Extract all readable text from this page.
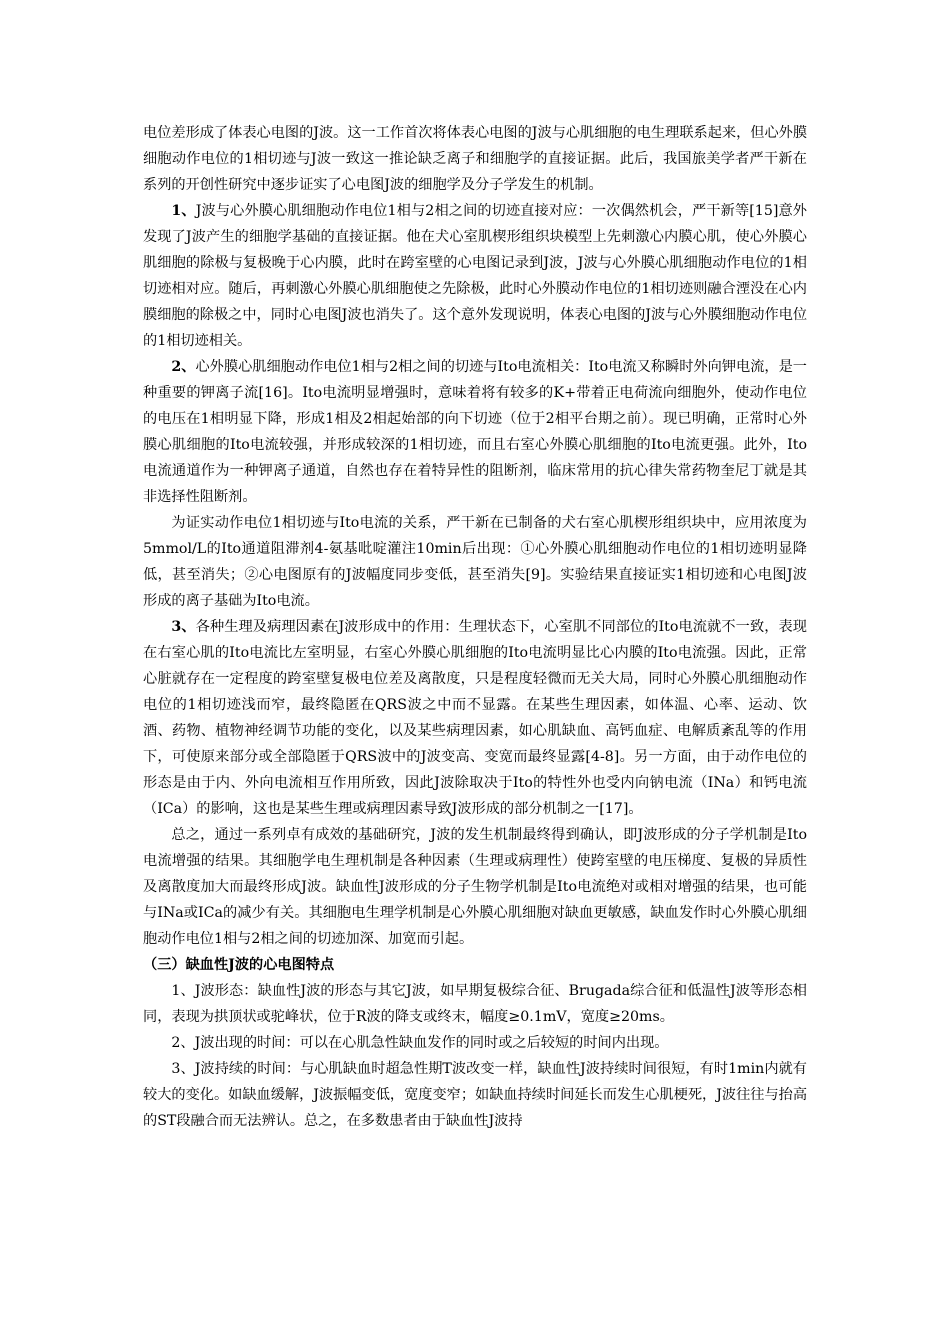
电位差形成了体表心电图的J波。这一工作首次将体表心电图的J波与心肌细胞的电生理联系起来，但心外膜细胞动作电位的1相切迹与J波一致这一推论缺乏离子和细胞学的直接证据。此后，我国旅美学者严干新在系列的开创性研究中逐步证实了心电图J波的细胞学及分子学发生的机制。

1、J波与心外膜心肌细胞动作电位1相与2相之间的切迹直接对应：一次偶然机会，严干新等[15]意外发现了J波产生的细胞学基础的直接证据。他在犬心室肌楔形组织块模型上先刺激心内膜心肌，使心外膜心肌细胞的除极与复极晚于心内膜，此时在跨室壁的心电图记录到J波，J波与心外膜心肌细胞动作电位的1相切迹相对应。随后，再刺激心外膜心肌细胞使之先除极，此时心外膜动作电位的1相切迹则融合湮没在心内膜细胞的除极之中，同时心电图J波也消失了。这个意外发现说明，体表心电图的J波与心外膜细胞动作电位的1相切迹相关。

2、心外膜心肌细胞动作电位1相与2相之间的切迹与Ito电流相关：Ito电流又称瞬时外向钾电流，是一种重要的钾离子流[16]。Ito电流明显增强时，意味着将有较多的K+带着正电荷流向细胞外，使动作电位的电压在1相明显下降，形成1相及2相起始部的向下切迹（位于2相平台期之前）。现已明确，正常时心外膜心肌细胞的Ito电流较强，并形成较深的1相切迹，而且右室心外膜心肌细胞的Ito电流更强。此外，Ito电流通道作为一种钾离子通道，自然也存在着特异性的阻断剂，临床常用的抗心律失常药物奎尼丁就是其非选择性阻断剂。

为证实动作电位1相切迹与Ito电流的关系，严干新在已制备的犬右室心肌楔形组织块中，应用浓度为5mmol/L的Ito通道阻滞剂4-氨基吡啶灌注10min后出现：①心外膜心肌细胞动作电位的1相切迹明显降低，甚至消失；②心电图原有的J波幅度同步变低，甚至消失[9]。实验结果直接证实1相切迹和心电图J波形成的离子基础为Ito电流。

3、各种生理及病理因素在J波形成中的作用：生理状态下，心室肌不同部位的Ito电流就不一致，表现在右室心肌的Ito电流比左室明显，右室心外膜心肌细胞的Ito电流明显比心内膜的Ito电流强。因此，正常心脏就存在一定程度的跨室壁复极电位差及离散度，只是程度轻微而无关大局，同时心外膜心肌细胞动作电位的1相切迹浅而窄，最终隐匿在QRS波之中而不显露。在某些生理因素，如体温、心率、运动、饮酒、药物、植物神经调节功能的变化，以及某些病理因素，如心肌缺血、高钙血症、电解质紊乱等的作用下，可使原来部分或全部隐匿于QRS波中的J波变高、变宽而最终显露[4-8]。另一方面，由于动作电位的形态是由于内、外向电流相互作用所致，因此J波除取决于Ito的特性外也受内向钠电流（INa）和钙电流（ICa）的影响，这也是某些生理或病理因素导致J波形成的部分机制之一[17]。

总之，通过一系列卓有成效的基础研究，J波的发生机制最终得到确认，即J波形成的分子学机制是Ito电流增强的结果。其细胞学电生理机制是各种因素（生理或病理性）使跨室壁的电压梯度、复极的异质性及离散度加大而最终形成J波。缺血性J波形成的分子生物学机制是Ito电流绝对或相对增强的结果，也可能与INa或ICa的减少有关。其细胞电生理学机制是心外膜心肌细胞对缺血更敏感，缺血发作时心外膜心肌细胞动作电位1相与2相之间的切迹加深、加宽而引起。

（三）缺血性J波的心电图特点

1、J波形态：缺血性J波的形态与其它J波，如早期复极综合征、Brugada综合征和低温性J波等形态相同，表现为拱顶状或驼峰状，位于R波的降支或终末，幅度≥0.1mV，宽度≥20ms。

2、J波出现的时间：可以在心肌急性缺血发作的同时或之后较短的时间内出现。

3、J波持续的时间：与心肌缺血时超急性期T波改变一样，缺血性J波持续时间很短，有时1min内就有较大的变化。如缺血缓解，J波振幅变低，宽度变窄；如缺血持续时间延长而发生心肌梗死，J波往往与抬高的ST段融合而无法辨认。总之，在多数患者由于缺血性J波持
